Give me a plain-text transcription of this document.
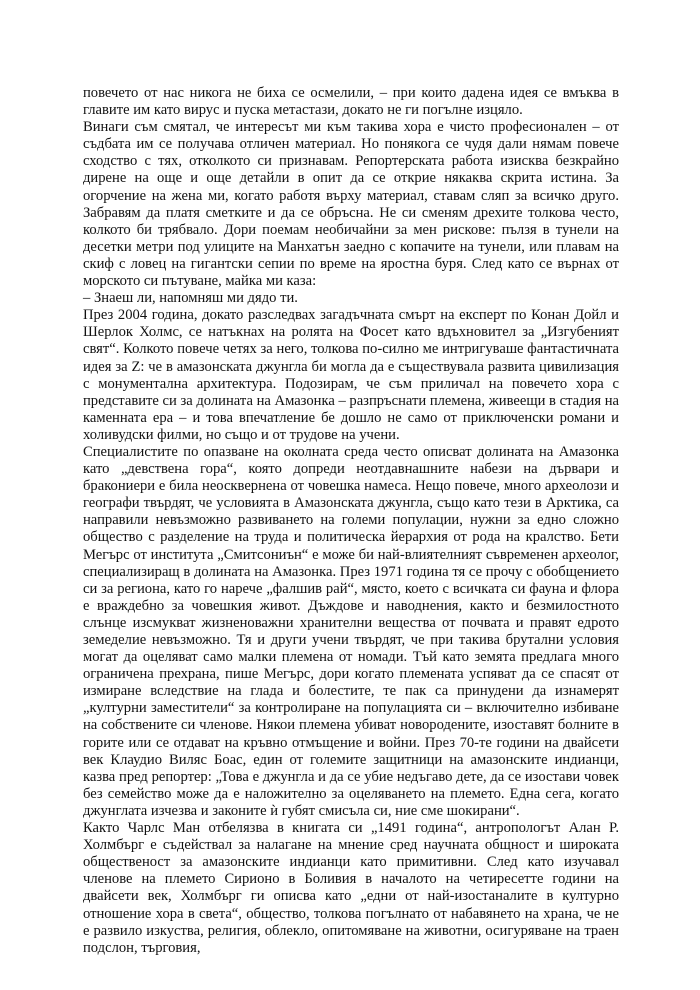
повечето от нас никога не биха се осмелили, – при които дадена идея се вмъква в главите им като вирус и пуска метастази, докато не ги погълне изцяло.

Винаги съм смятал, че интересът ми към такива хора е чисто професионален – от съдбата им се получава отличен материал. Но понякога се чудя дали нямам повече сходство с тях, отколкото си признавам. Репортерската работа изисква безкрайно дирене на още и още детайли в опит да се открие някаква скрита истина. За огорчение на жена ми, когато работя върху материал, ставам сляп за всичко друго. Забравям да платя сметките и да се обръсна. Не си сменям дрехите толкова често, колкото би трябвало. Дори поемам необичайни за мен рискове: пълзя в тунели на десетки метри под улиците на Манхатън заедно с копачите на тунели, или плавам на скиф с ловец на гигантски сепии по време на яростна буря. След като се върнах от морското си пътуване, майка ми каза:

– Знаеш ли, напомняш ми дядо ти.

През 2004 година, докато разследвах загадъчната смърт на експерт по Конан Дойл и Шерлок Холмс, се натъкнах на ролята на Фосет като вдъхновител за „Изгубеният свят“. Колкото повече четях за него, толкова по-силно ме интригуваше фантастичната идея за Z: че в амазонската джунгла би могла да е съществувала развита цивилизация с монументална архитектура. Подозирам, че съм приличал на повечето хора с представите си за долината на Амазонка – разпръснати племена, живеещи в стадия на каменната ера – и това впечатление бе дошло не само от приключенски романи и холивудски филми, но също и от трудове на учени.

Специалистите по опазване на околната среда често описват долината на Амазонка като „девствена гора“, която допреди неотдавнашните набези на дървари и бракониери е била неосквернена от човешка намеса. Нещо повече, много археолози и географи твърдят, че условията в Амазонската джунгла, също като тези в Арктика, са направили невъзможно развиването на големи популации, нужни за едно сложно общество с разделение на труда и политическа йерархия от рода на кралство. Бети Мегърс от института „Смитсониън“ е може би най-влиятелният съвременен археолог, специализиращ в долината на Амазонка. През 1971 година тя се прочу с обобщението си за региона, като го нарече „фалшив рай“, място, което с всичката си фауна и флора е враждебно за човешкия живот. Дъждове и наводнения, както и безмилостното слънце изсмукват жизненоважни хранителни вещества от почвата и правят едрото земеделие невъзможно. Тя и други учени твърдят, че при такива брутални условия могат да оцеляват само малки племена от номади. Тъй като земята предлага много ограничена прехрана, пише Мегърс, дори когато племената успяват да се спасят от измиране вследствие на глада и болестите, те пак са принудени да изнамерят „културни заместители“ за контролиране на популацията си – включително избиване на собствените си членове. Някои племена убиват новородените, изоставят болните в горите или се отдават на кръвно отмъщение и войни. През 70-те години на двайсети век Клаудио Виляс Боас, един от големите защитници на амазонските индианци, казва пред репортер: „Това е джунгла и да се убие недъгаво дете, да се изостави човек без семейство може да е наложително за оцеляването на племето. Една сега, когато джунглата изчезва и законите ѝ губят смисъла си, ние сме шокирани“.

Както Чарлс Ман отбелязва в книгата си „1491 година“, антропологът Алан Р. Холмбърг е съдействал за налагане на мнение сред научната общност и широката общественост за амазонските индианци като примитивни. След като изучавал членове на племето Сирионо в Боливия в началото на четиресетте години на двайсети век, Холмбърг ги описва като „едни от най-изостаналите в културно отношение хора в света“, общество, толкова погълнато от набавянето на храна, че не е развило изкуства, религия, облекло, опитомяване на животни, осигуряване на траен подслон, търговия,
